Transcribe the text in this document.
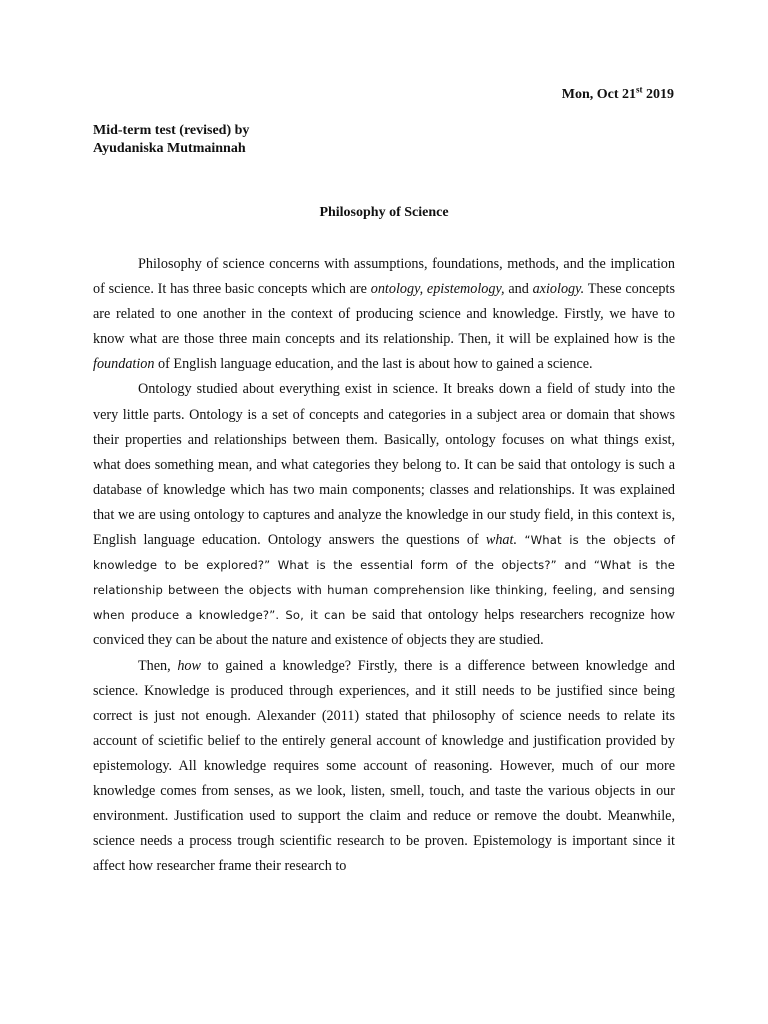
Mon, Oct 21st 2019
Mid-term test (revised) by
Ayudaniska Mutmainnah
Philosophy of Science

Philosophy of science concerns with assumptions, foundations, methods, and the implication of science. It has three basic concepts which are ontology, epistemology, and axiology. These concepts are related to one another in the context of producing science and knowledge. Firstly, we have to know what are those three main concepts and its relationship. Then, it will be explained how is the foundation of English language education, and the last is about how to gained a science.

Ontology studied about everything exist in science. It breaks down a field of study into the very little parts. Ontology is a set of concepts and categories in a subject area or domain that shows their properties and relationships between them. Basically, ontology focuses on what things exist, what does something mean, and what categories they belong to. It can be said that ontology is such a database of knowledge which has two main components; classes and relationships. It was explained that we are using ontology to captures and analyze the knowledge in our study field, in this context is, English language education. Ontology answers the questions of what. “What is the objects of knowledge to be explored?” What is the essential form of the objects?” and “What is the relationship between the objects with human comprehension like thinking, feeling, and sensing when produce a knowledge?”. So, it can be said that ontology helps researchers recognize how conviced they can be about the nature and existence of objects they are studied.

Then, how to gained a knowledge? Firstly, there is a difference between knowledge and science. Knowledge is produced through experiences, and it still needs to be justified since being correct is just not enough. Alexander (2011) stated that philosophy of science needs to relate its account of scietific belief to the entirely general account of knowledge and justification provided by epistemology. All knowledge requires some account of reasoning. However, much of our more knowledge comes from senses, as we look, listen, smell, touch, and taste the various objects in our environment. Justification used to support the claim and reduce or remove the doubt. Meanwhile, science needs a process trough scientific research to be proven. Epistemology is important since it affect how researcher frame their research to
